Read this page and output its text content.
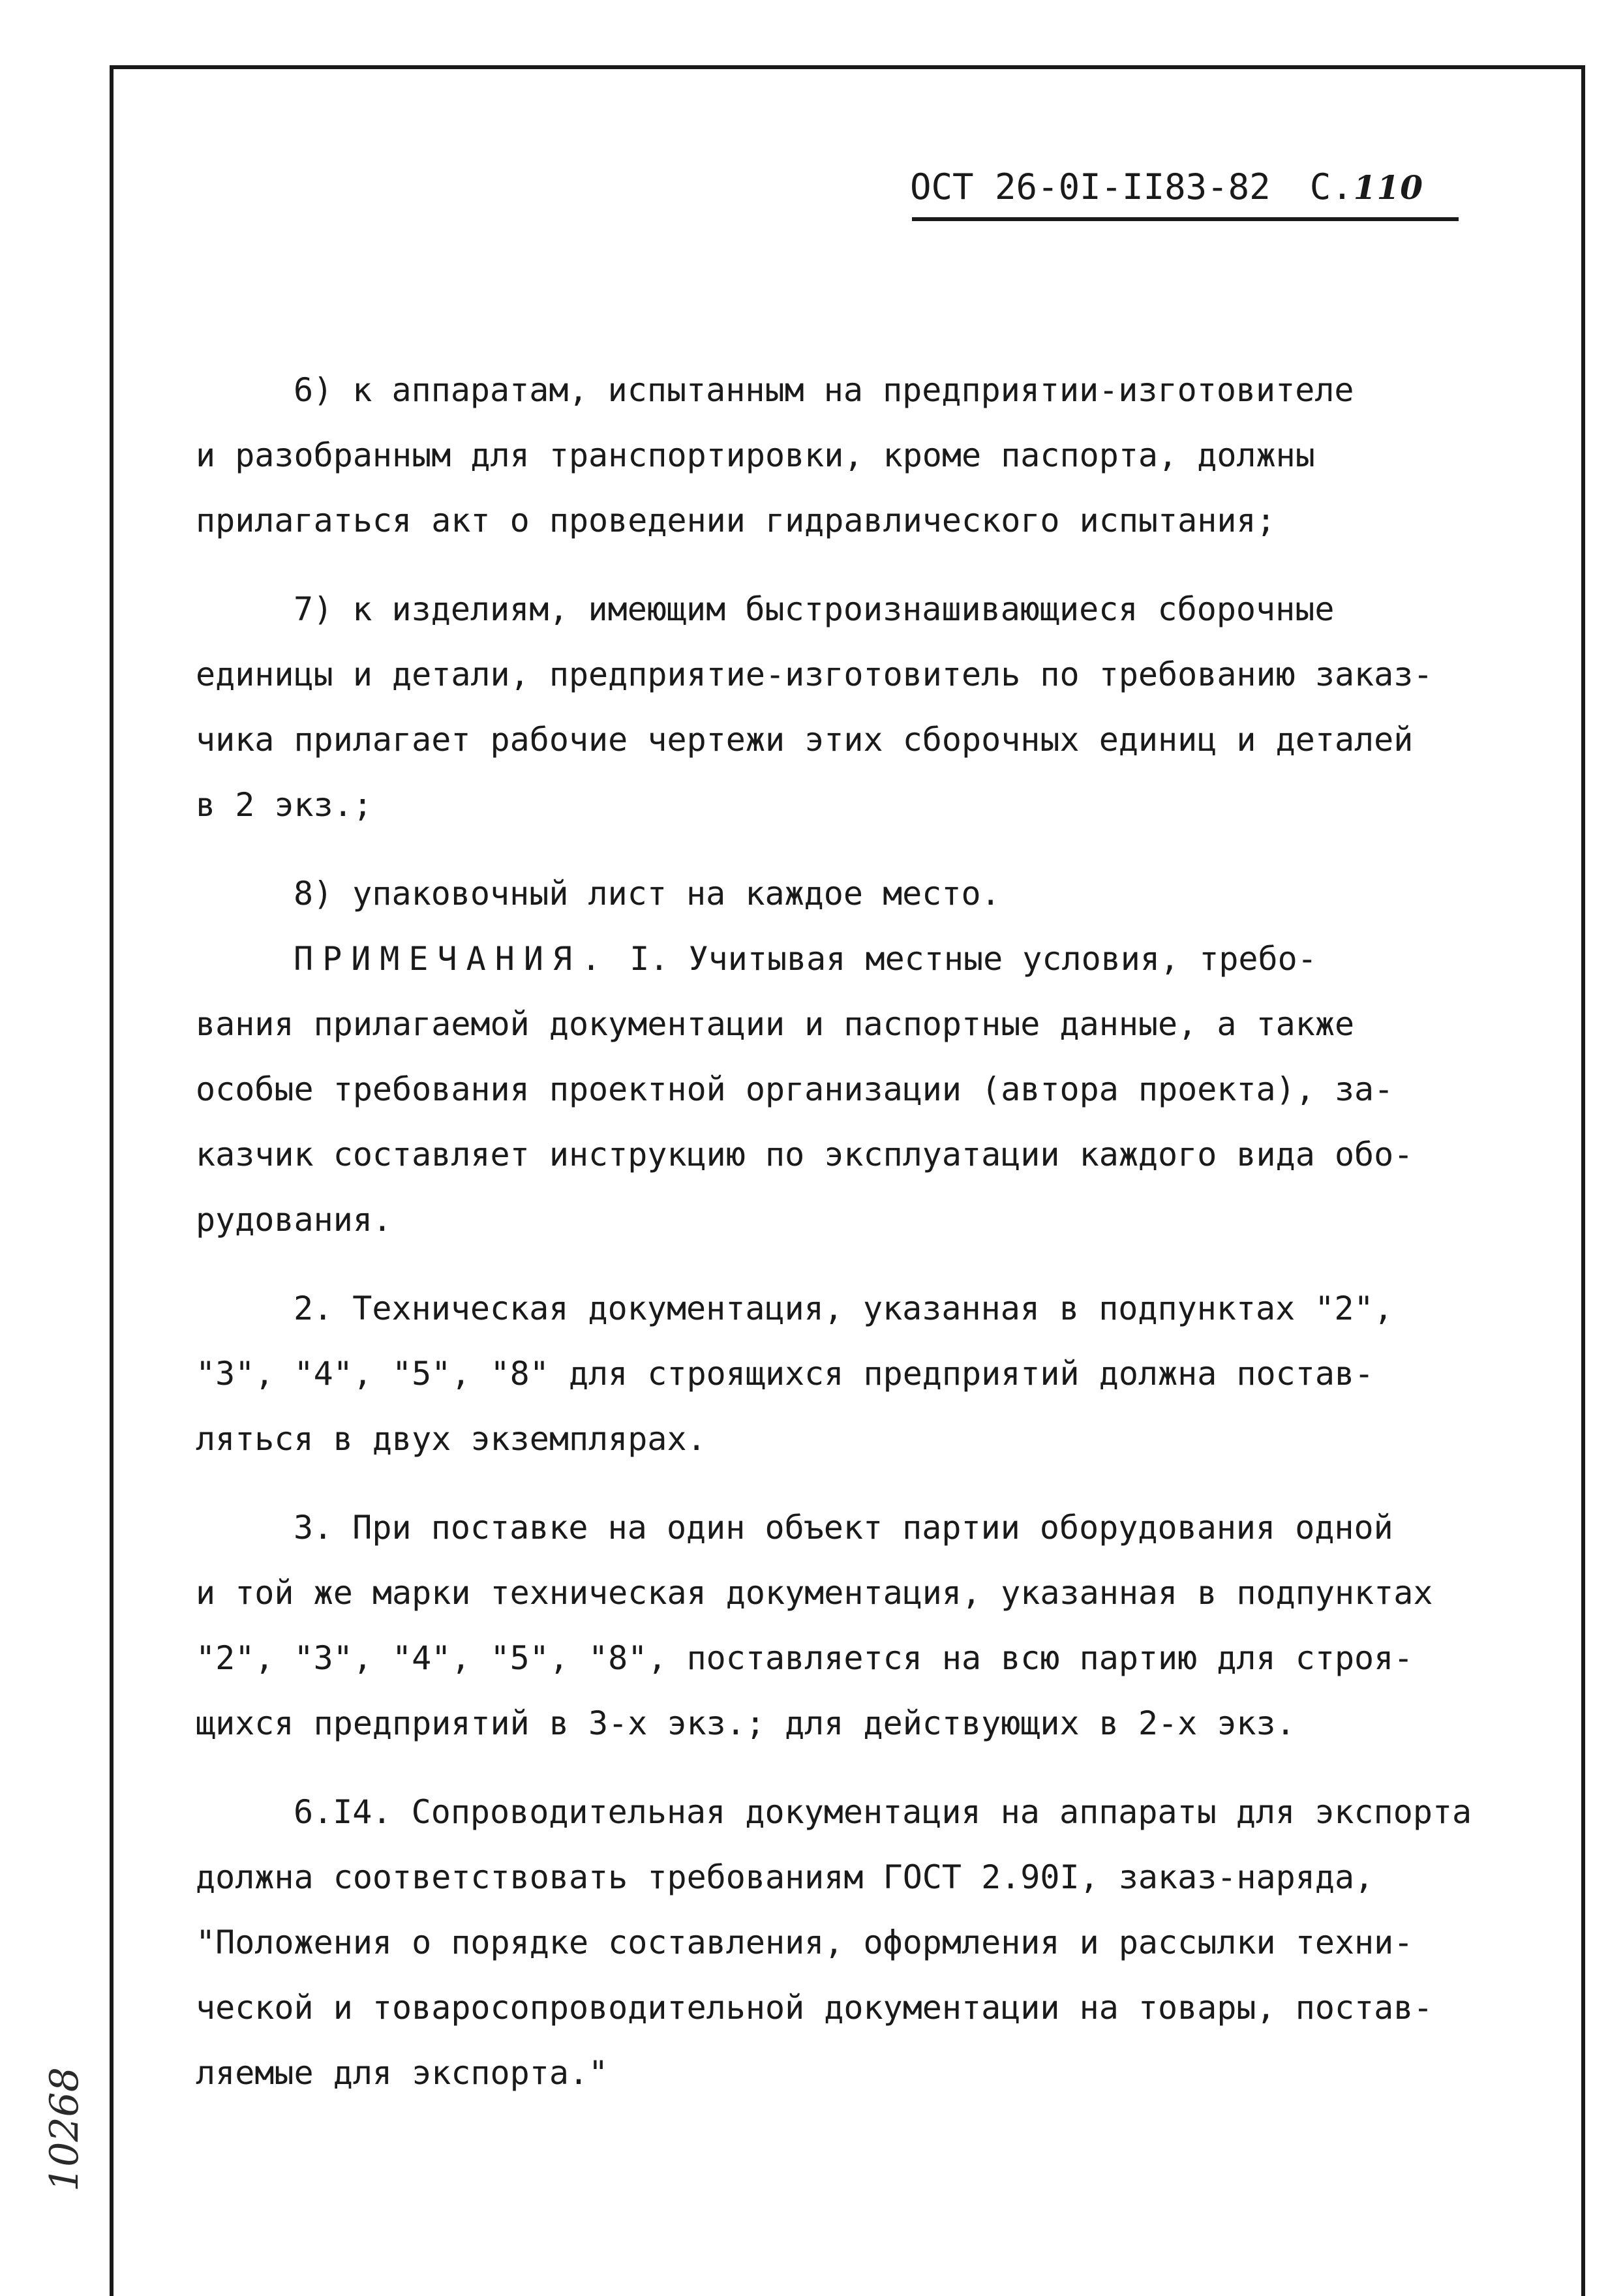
ОСТ 26-0I-II83-82 С.110
6) к аппаратам, испытанным на предприятии-изготовителе
и разобранным для транспортировки, кроме паспорта, должны
прилагаться акт о проведении гидравлического испытания;
7) к изделиям, имеющим быстроизнашивающиеся сборочные
единицы и детали, предприятие-изготовитель по требованию заказ-
чика прилагает рабочие чертежи этих сборочных единиц и деталей
в 2 экз.;
8) упаковочный лист на каждое место.
ПРИМЕЧАНИЯ. I. Учитывая местные условия, требо-
вания прилагаемой документации и паспортные данные, а также
особые требования проектной организации (автора проекта), за-
казчик составляет инструкцию по эксплуатации каждого вида обо-
рудования.
2. Техническая документация, указанная в подпунктах "2",
"3", "4", "5", "8" для строящихся предприятий должна постав-
ляться в двух экземплярах.
3. При поставке на один объект партии оборудования одной
и той же марки техническая документация, указанная в подпунктах
"2", "3", "4", "5", "8", поставляется на всю партию для строя-
щихся предприятий в 3-х экз.; для действующих в 2-х экз.
6.I4. Сопроводительная документация на аппараты для экспорта
должна соответствовать требованиям ГОСТ 2.90I, заказ-наряда,
"Положения о порядке составления, оформления и рассылки техни-
ческой и товаросопроводительной документации на товары, постав-
ляемые для экспорта."
10268
